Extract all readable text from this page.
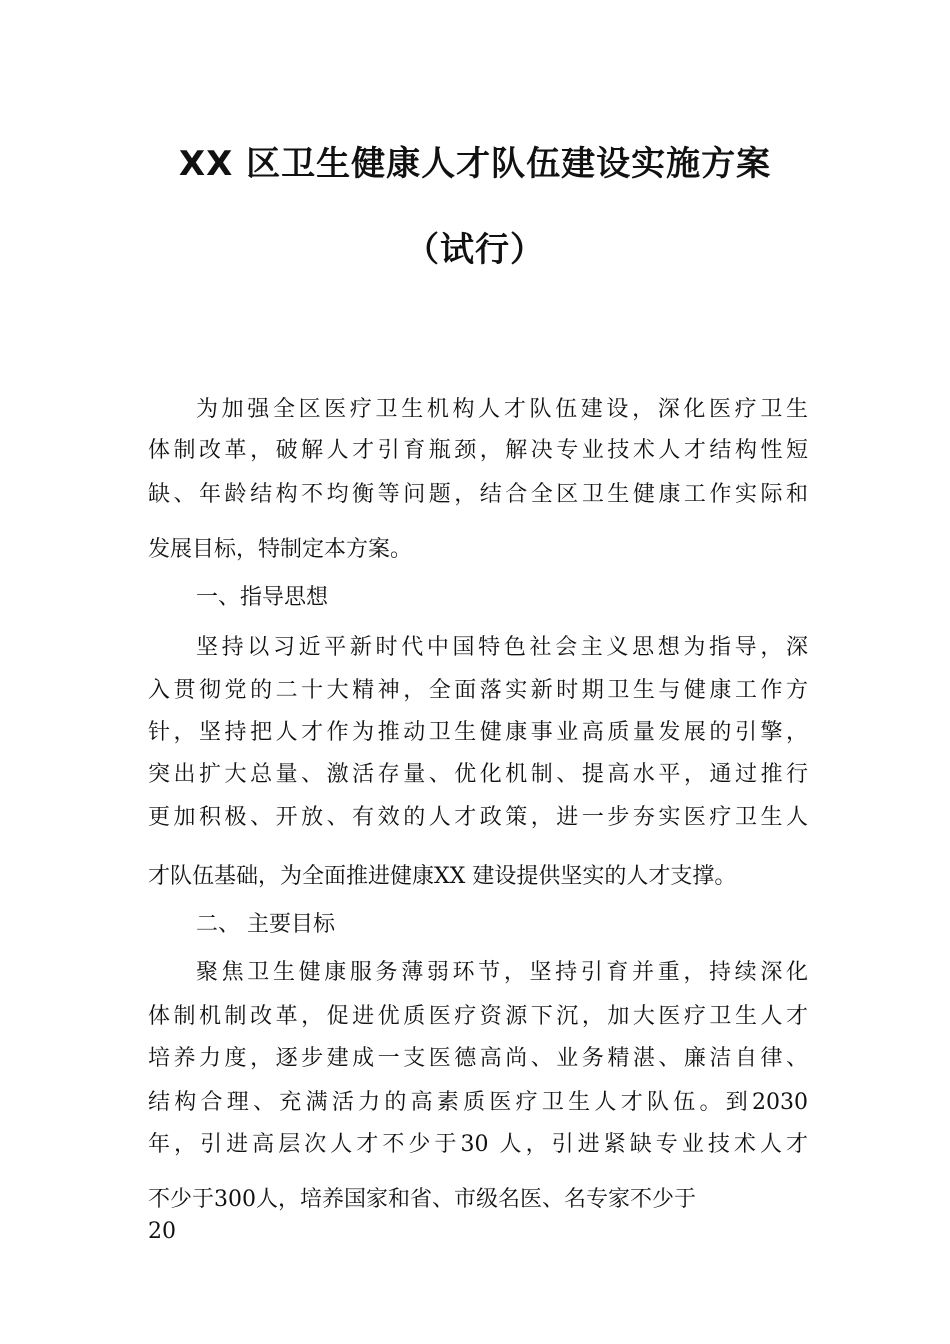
XX 区卫生健康人才队伍建设实施方案
（试行）

为加强全区医疗卫生机构人才队伍建设，深化医疗卫生

体制改革，破解人才引育瓶颈，解决专业技术人才结构性短

缺、年龄结构不均衡等问题，结合全区卫生健康工作实际和

发展目标，特制定本方案。

一、指导思想

坚持以习近平新时代中国特色社会主义思想为指导，深

入贯彻党的二十大精神，全面落实新时期卫生与健康工作方

针，坚持把人才作为推动卫生健康事业高质量发展的引擎，

突出扩大总量、激活存量、优化机制、提高水平，通过推行

更加积极、开放、有效的人才政策，进一步夯实医疗卫生人

才队伍基础，为全面推进健康XX 建设提供坚实的人才支撑。

二、 主要目标

聚焦卫生健康服务薄弱环节，坚持引育并重，持续深化

体制机制改革，促进优质医疗资源下沉，加大医疗卫生人才

培养力度，逐步建成一支医德高尚、业务精湛、廉洁自律、

结构合理、充满活力的高素质医疗卫生人才队伍。到2030

年，引进高层次人才不少于30 人，引进紧缺专业技术人才

不少于300人，培养国家和省、市级名医、名专家不少于

20
